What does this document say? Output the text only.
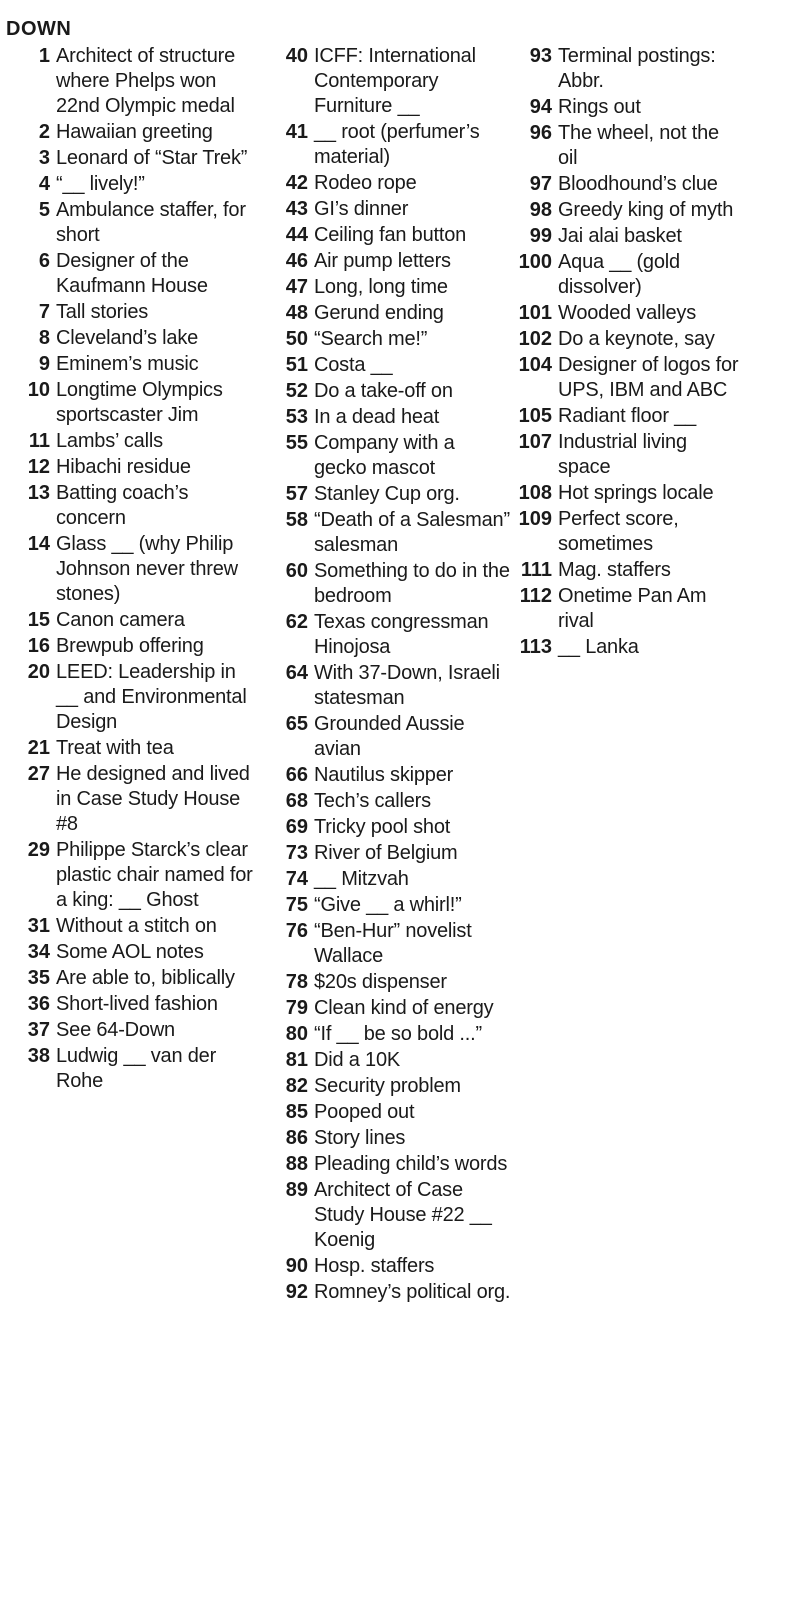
DOWN
1 Architect of structure where Phelps won 22nd Olympic medal
2 Hawaiian greeting
3 Leonard of “Star Trek”
4 “__ lively!”
5 Ambulance staffer, for short
6 Designer of the Kaufmann House
7 Tall stories
8 Cleveland’s lake
9 Eminem’s music
10 Longtime Olympics sportscaster Jim
11 Lambs’ calls
12 Hibachi residue
13 Batting coach’s concern
14 Glass __ (why Philip Johnson never threw stones)
15 Canon camera
16 Brewpub offering
20 LEED: Leadership in __ and Environmental Design
21 Treat with tea
27 He designed and lived in Case Study House #8
29 Philippe Starck’s clear plastic chair named for a king: __ Ghost
31 Without a stitch on
34 Some AOL notes
35 Are able to, biblically
36 Short-lived fashion
37 See 64-Down
38 Ludwig __ van der Rohe
40 ICFF: International Contemporary Furniture __
41 __ root (perfumer’s material)
42 Rodeo rope
43 GI’s dinner
44 Ceiling fan button
46 Air pump letters
47 Long, long time
48 Gerund ending
50 “Search me!”
51 Costa __
52 Do a take-off on
53 In a dead heat
55 Company with a gecko mascot
57 Stanley Cup org.
58 “Death of a Salesman” salesman
60 Something to do in the bedroom
62 Texas congressman Hinojosa
64 With 37-Down, Israeli statesman
65 Grounded Aussie avian
66 Nautilus skipper
68 Tech’s callers
69 Tricky pool shot
73 River of Belgium
74 __ Mitzvah
75 “Give __ a whirl!”
76 “Ben-Hur” novelist Wallace
78 $20s dispenser
79 Clean kind of energy
80 “If __ be so bold ...”
81 Did a 10K
82 Security problem
85 Pooped out
86 Story lines
88 Pleading child’s words
89 Architect of Case Study House #22 __ Koenig
90 Hosp. staffers
92 Romney’s political org.
93 Terminal postings: Abbr.
94 Rings out
96 The wheel, not the oil
97 Bloodhound’s clue
98 Greedy king of myth
99 Jai alai basket
100 Aqua __ (gold dissolver)
101 Wooded valleys
102 Do a keynote, say
104 Designer of logos for UPS, IBM and ABC
105 Radiant floor __
107 Industrial living space
108 Hot springs locale
109 Perfect score, sometimes
111 Mag. staffers
112 Onetime Pan Am rival
113 __ Lanka
